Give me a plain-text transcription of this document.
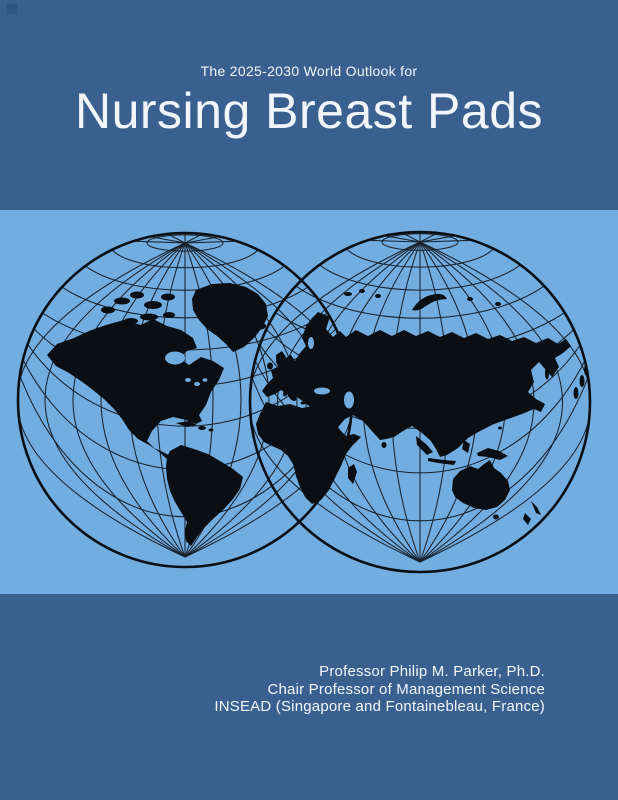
The 2025-2030 World Outlook for
Nursing Breast Pads
Professor Philip M. Parker, Ph.D.
Chair Professor of Management Science
INSEAD (Singapore and Fontainebleau, France)
